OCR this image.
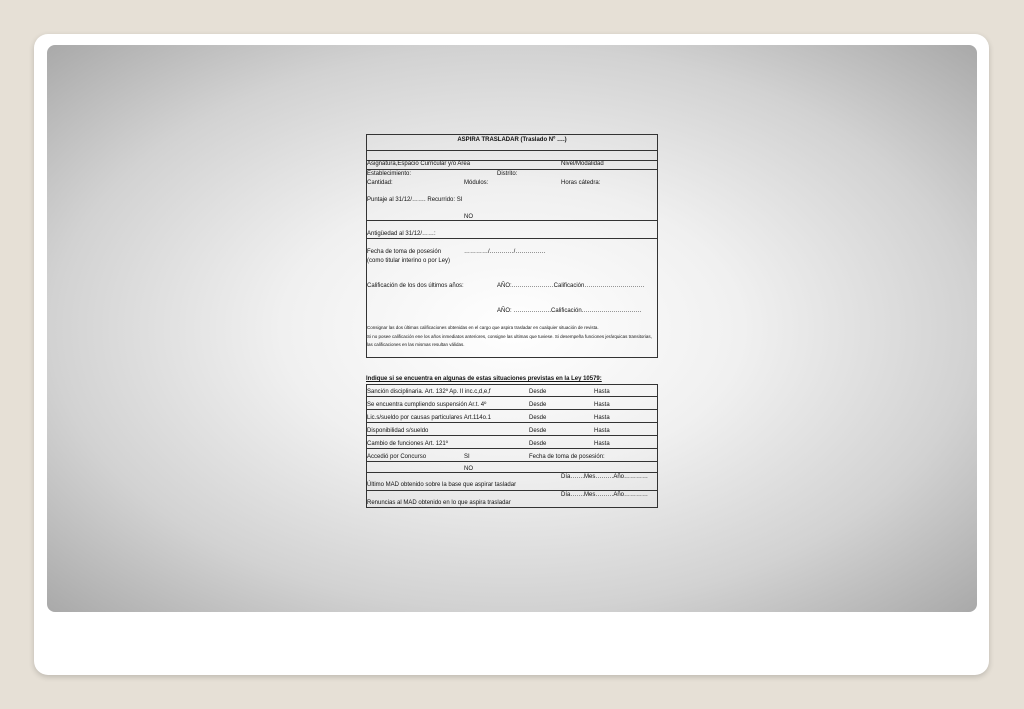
ASPIRA TRASLADAR (Traslado Nº ….)
Asignatura,Espacio Curricular y/o Area	Nivel/Modalidad
Establecimiento:	Distrito:
Cantidad:	Módulos:	Horas cátedra:
Puntaje al 31/12/……. Recurrido: SI
NO
Antigüedad al 31/12/……:
Fecha de toma de posesión	…………/…………/……………
(como titular interino o por Ley)
Calificación de los dos últimos años:	AÑO:…………………Calificación…………………………
AÑO: ……………….Calificación…………………………
Consignar las dos últimas calificaciones obtenidas en el cargo que aspira trasladar en cualquier situación de revista.
Si no posee calificación ene los años inmediatos anteriores, consigne las ultimas que tuviese. Si desempeña funciones jerárquicas transitorias, las calificaciones en las mismas resultan válidas.
Indique si se encuentra en algunas de estas situaciones previstas en la Ley 10579:
Sanción disciplinaria. Art. 132º Ap. II inc.c,d,e,f	Desde	Hasta
Se encuentra cumpliendo suspensión Ar.t. 4º	Desde	Hasta
Lic.s/sueldo por causas particulares Art.114o.1	Desde	Hasta
Disponibilidad s/sueldo	Desde	Hasta
Cambio de funciones Art. 121º	Desde	Hasta
Accedió por Concurso	SI	Fecha de toma de posesión:
NO
Día…….Mes………Año…………
Último MAD obtenido sobre la base que aspirar tasladar
Día…….Mes………Año…………
Renuncias al MAD obtenido en lo que aspira trasladar
